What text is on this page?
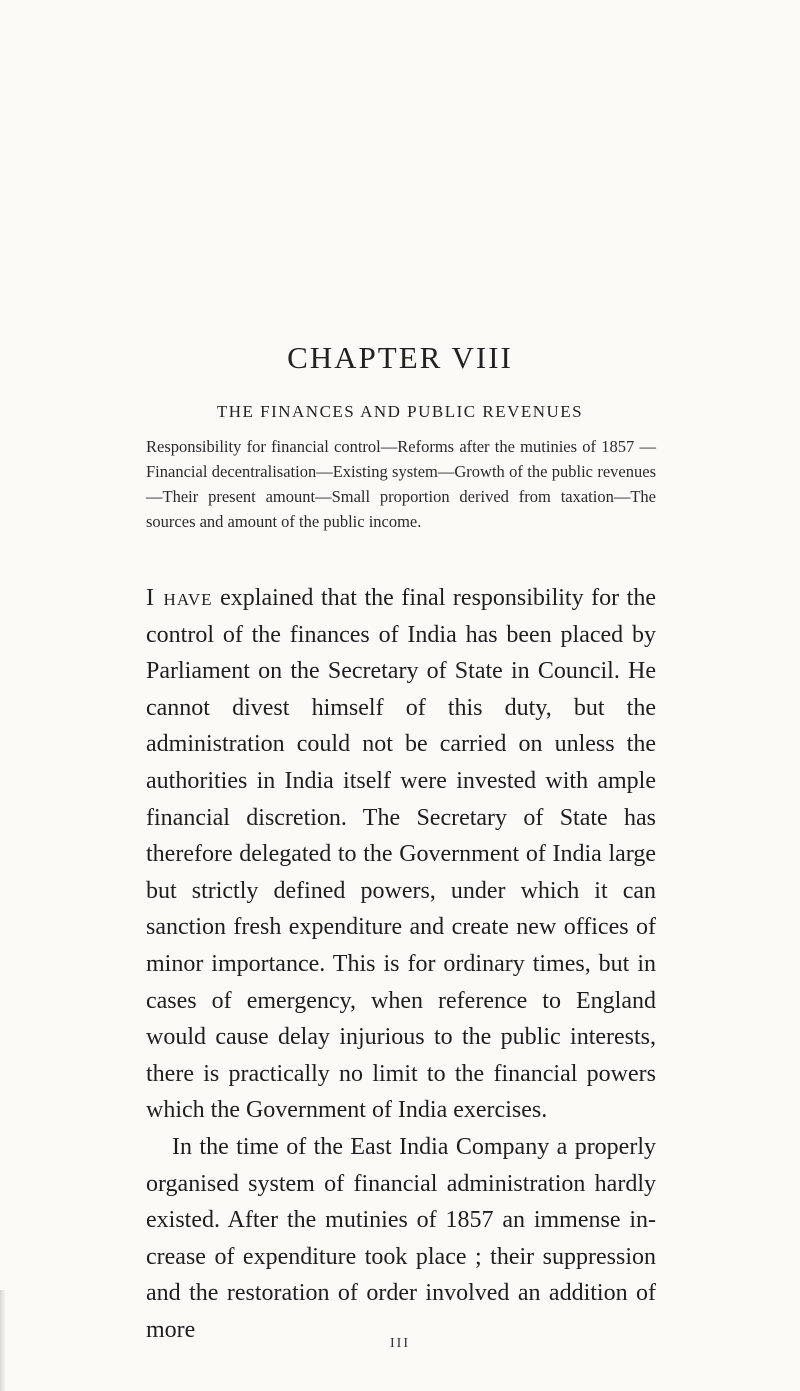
CHAPTER VIII
THE FINANCES AND PUBLIC REVENUES
Responsibility for financial control—Reforms after the mutinies of 1857 —Financial decentralisation—Existing system—Growth of the public revenues—Their present amount—Small proportion derived from taxation—The sources and amount of the public income.

I have explained that the final responsibility for the control of the finances of India has been placed by Parliament on the Secretary of State in Council. He cannot divest himself of this duty, but the administration could not be carried on unless the authorities in India itself were invested with ample financial discretion. The Secretary of State has therefore delegated to the Government of India large but strictly defined powers, under which it can sanction fresh expenditure and create new offices of minor importance. This is for ordinary times, but in cases of emergency, when reference to England would cause delay injurious to the public interests, there is practically no limit to the financial powers which the Government of India exercises.

In the time of the East India Company a properly organised system of financial administration hardly existed. After the mutinies of 1857 an immense increase of expenditure took place ; their suppression and the restoration of order involved an addition of more

III
